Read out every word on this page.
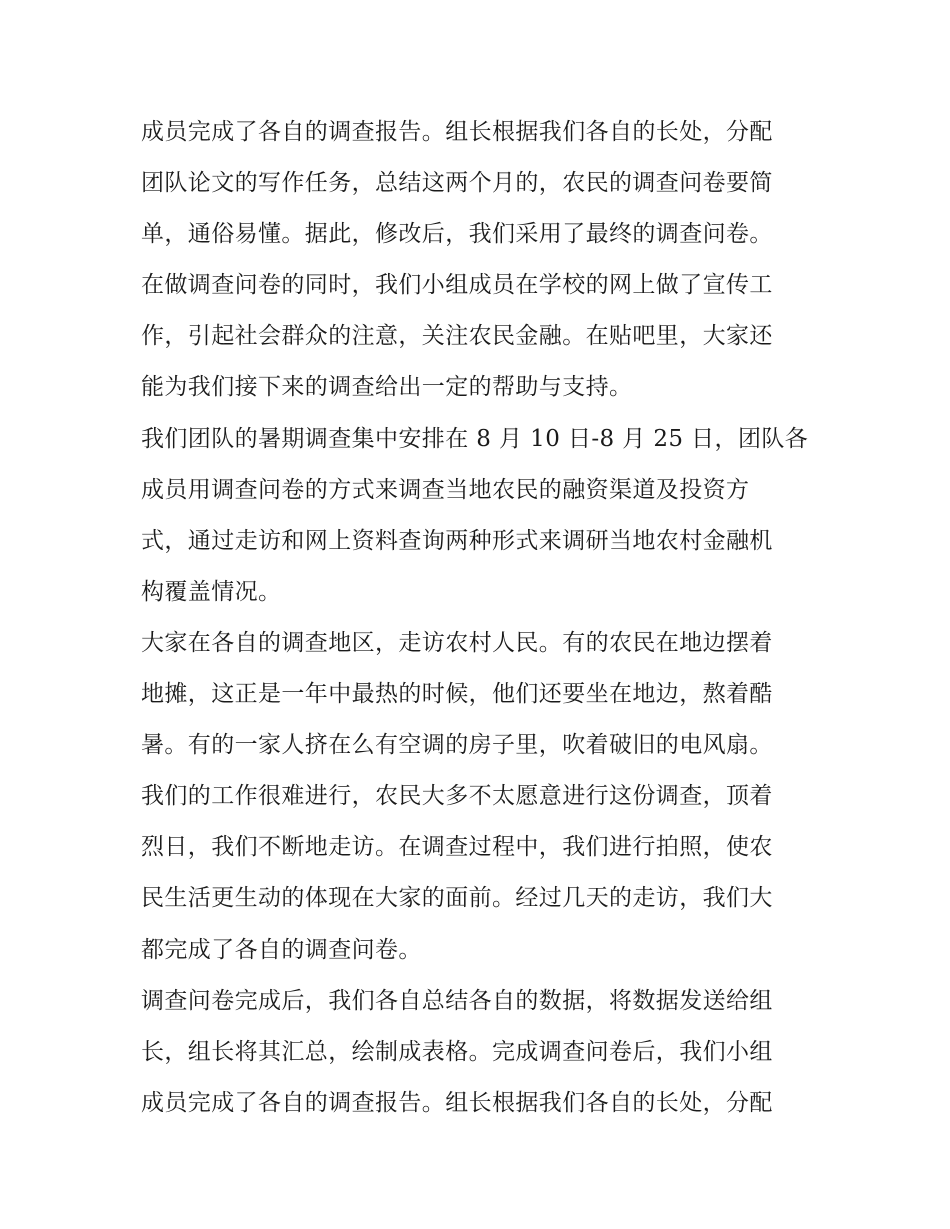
成员完成了各自的调查报告。组长根据我们各自的长处，分配
团队论文的写作任务，总结这两个月的，农民的调查问卷要简
单，通俗易懂。据此，修改后，我们采用了最终的调查问卷。
在做调查问卷的同时，我们小组成员在学校的网上做了宣传工
作，引起社会群众的注意，关注农民金融。在贴吧里，大家还
能为我们接下来的调查给出一定的帮助与支持。
我们团队的暑期调查集中安排在 8 月 10 日-8 月 25 日，团队各
成员用调查问卷的方式来调查当地农民的融资渠道及投资方
式，通过走访和网上资料查询两种形式来调研当地农村金融机
构覆盖情况。
大家在各自的调查地区，走访农村人民。有的农民在地边摆着
地摊，这正是一年中最热的时候，他们还要坐在地边，熬着酷
暑。有的一家人挤在么有空调的房子里，吹着破旧的电风扇。
我们的工作很难进行，农民大多不太愿意进行这份调查，顶着
烈日，我们不断地走访。在调查过程中，我们进行拍照，使农
民生活更生动的体现在大家的面前。经过几天的走访，我们大
都完成了各自的调查问卷。
调查问卷完成后，我们各自总结各自的数据，将数据发送给组
长，组长将其汇总，绘制成表格。完成调查问卷后，我们小组
成员完成了各自的调查报告。组长根据我们各自的长处，分配
